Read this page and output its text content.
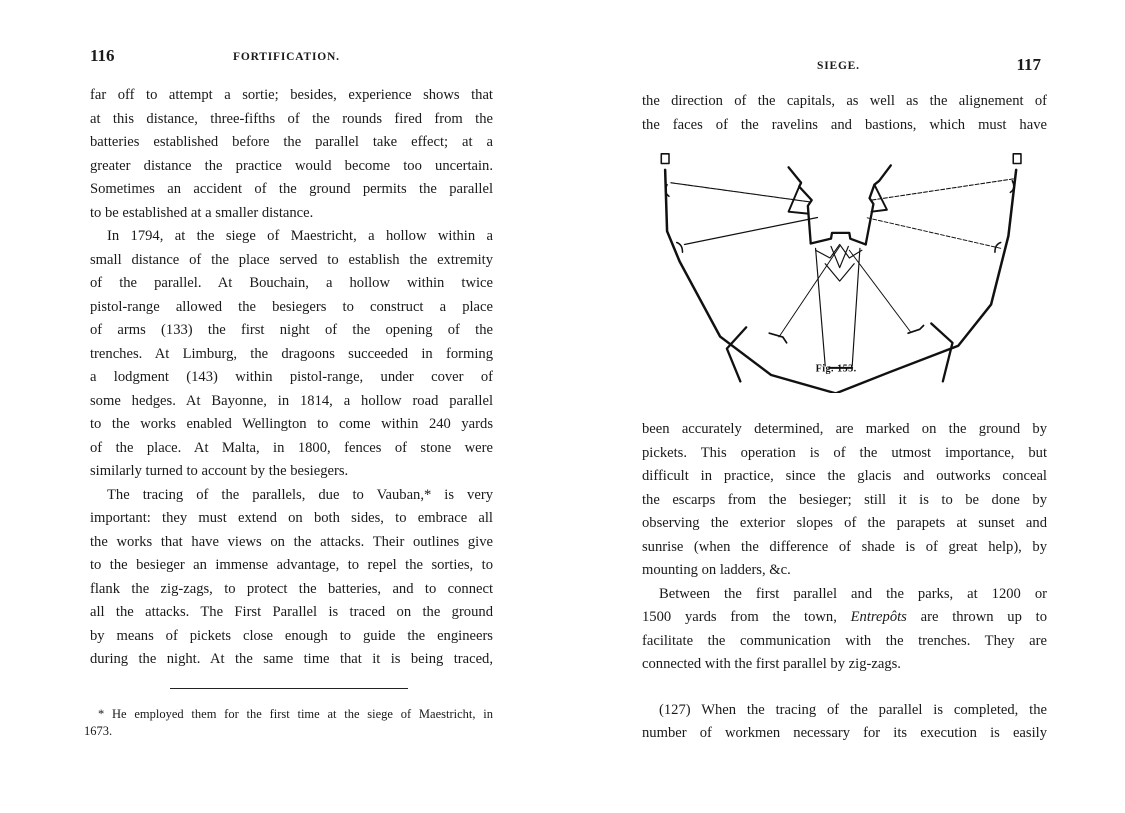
116	FORTIFICATION.
far off to attempt a sortie; besides, experience shows that
at this distance, three-fifths of the rounds fired from the
batteries established before the parallel take effect; at a
greater distance the practice would become too uncertain.
Sometimes an accident of the ground permits the parallel
to be established at a smaller distance.
In 1794, at the siege of Maestricht, a hollow within a
small distance of the place served to establish the extremity
of the parallel. At Bouchain, a hollow within twice
pistol-range allowed the besiegers to construct a place
of arms (133) the first night of the opening of the
trenches. At Limburg, the dragoons succeeded in forming
a lodgment (143) within pistol-range, under cover of
some hedges. At Bayonne, in 1814, a hollow road parallel
to the works enabled Wellington to come within 240 yards
of the place. At Malta, in 1800, fences of stone were
similarly turned to account by the besiegers.
The tracing of the parallels, due to Vauban,* is very
important: they must extend on both sides, to embrace all
the works that have views on the attacks. Their outlines give
to the besieger an immense advantage, to repel the sorties, to
flank the zig-zags, to protect the batteries, and to connect
all the attacks. The First Parallel is traced on the ground
by means of pickets close enough to guide the engineers
during the night. At the same time that it is being traced,
* He employed them for the first time at the siege of Maestricht, in
1673.
SIEGE.	117
the direction of the capitals, as well as the alignement of
the faces of the ravelins and bastions, which must have
Fig. 153.
been accurately determined, are marked on the ground by
pickets. This operation is of the utmost importance, but
difficult in practice, since the glacis and outworks conceal
the escarps from the besieger; still it is to be done by
observing the exterior slopes of the parapets at sunset and
sunrise (when the difference of shade is of great help), by
mounting on ladders, &c.
Between the first parallel and the parks, at 1200 or
1500 yards from the town, Entrepôts are thrown up to
facilitate the communication with the trenches. They are
connected with the first parallel by zig-zags.
(127) When the tracing of the parallel is completed, the
number of workmen necessary for its execution is easily
